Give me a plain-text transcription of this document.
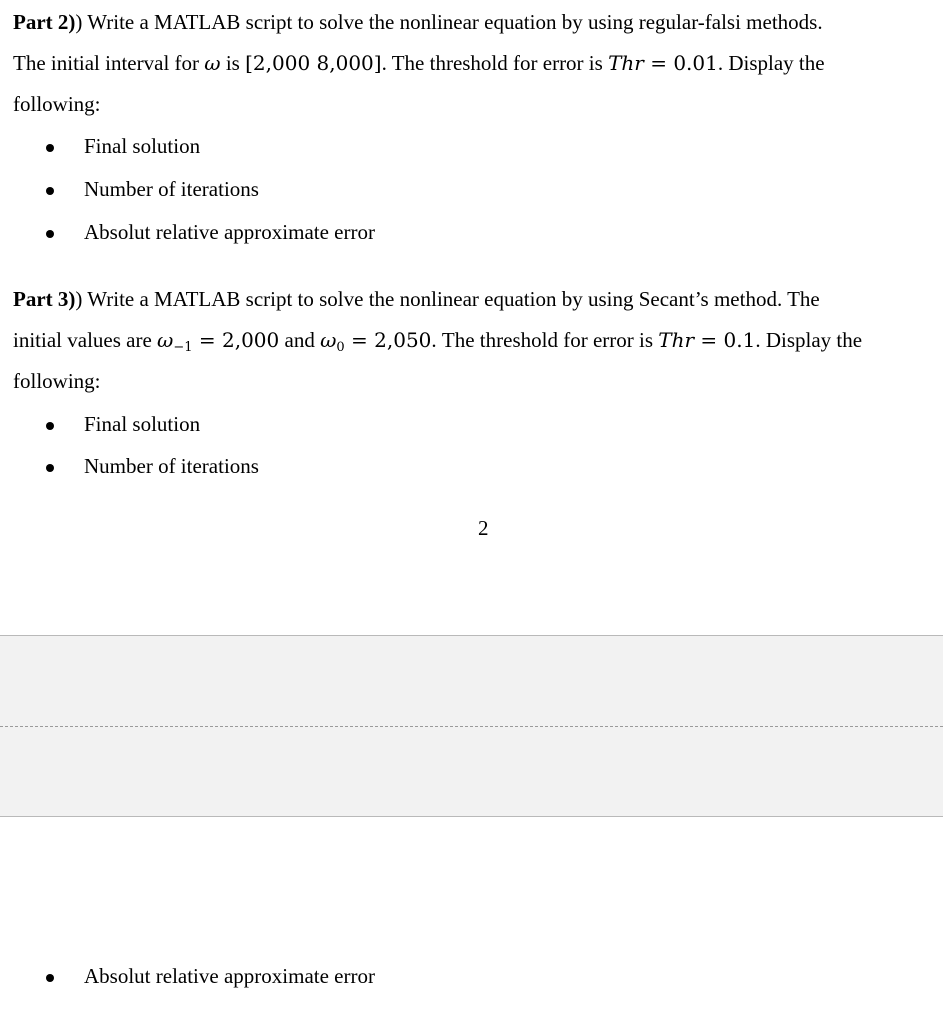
Part 2)) Write a MATLAB script to solve the nonlinear equation by using regular-falsi methods.
The initial interval for ω is [2,000 8,000]. The threshold for error is Thr = 0.01. Display the
following:
Final solution
Number of iterations
Absolut relative approximate error
Part 3)) Write a MATLAB script to solve the nonlinear equation by using Secant’s method. The
initial values are $\omega_{-1} = 2,000$ and $\omega_0 = 2,050$. The threshold for error is Thr = 0.1. Display the
following:
Final solution
Number of iterations
2
Absolut relative approximate error
